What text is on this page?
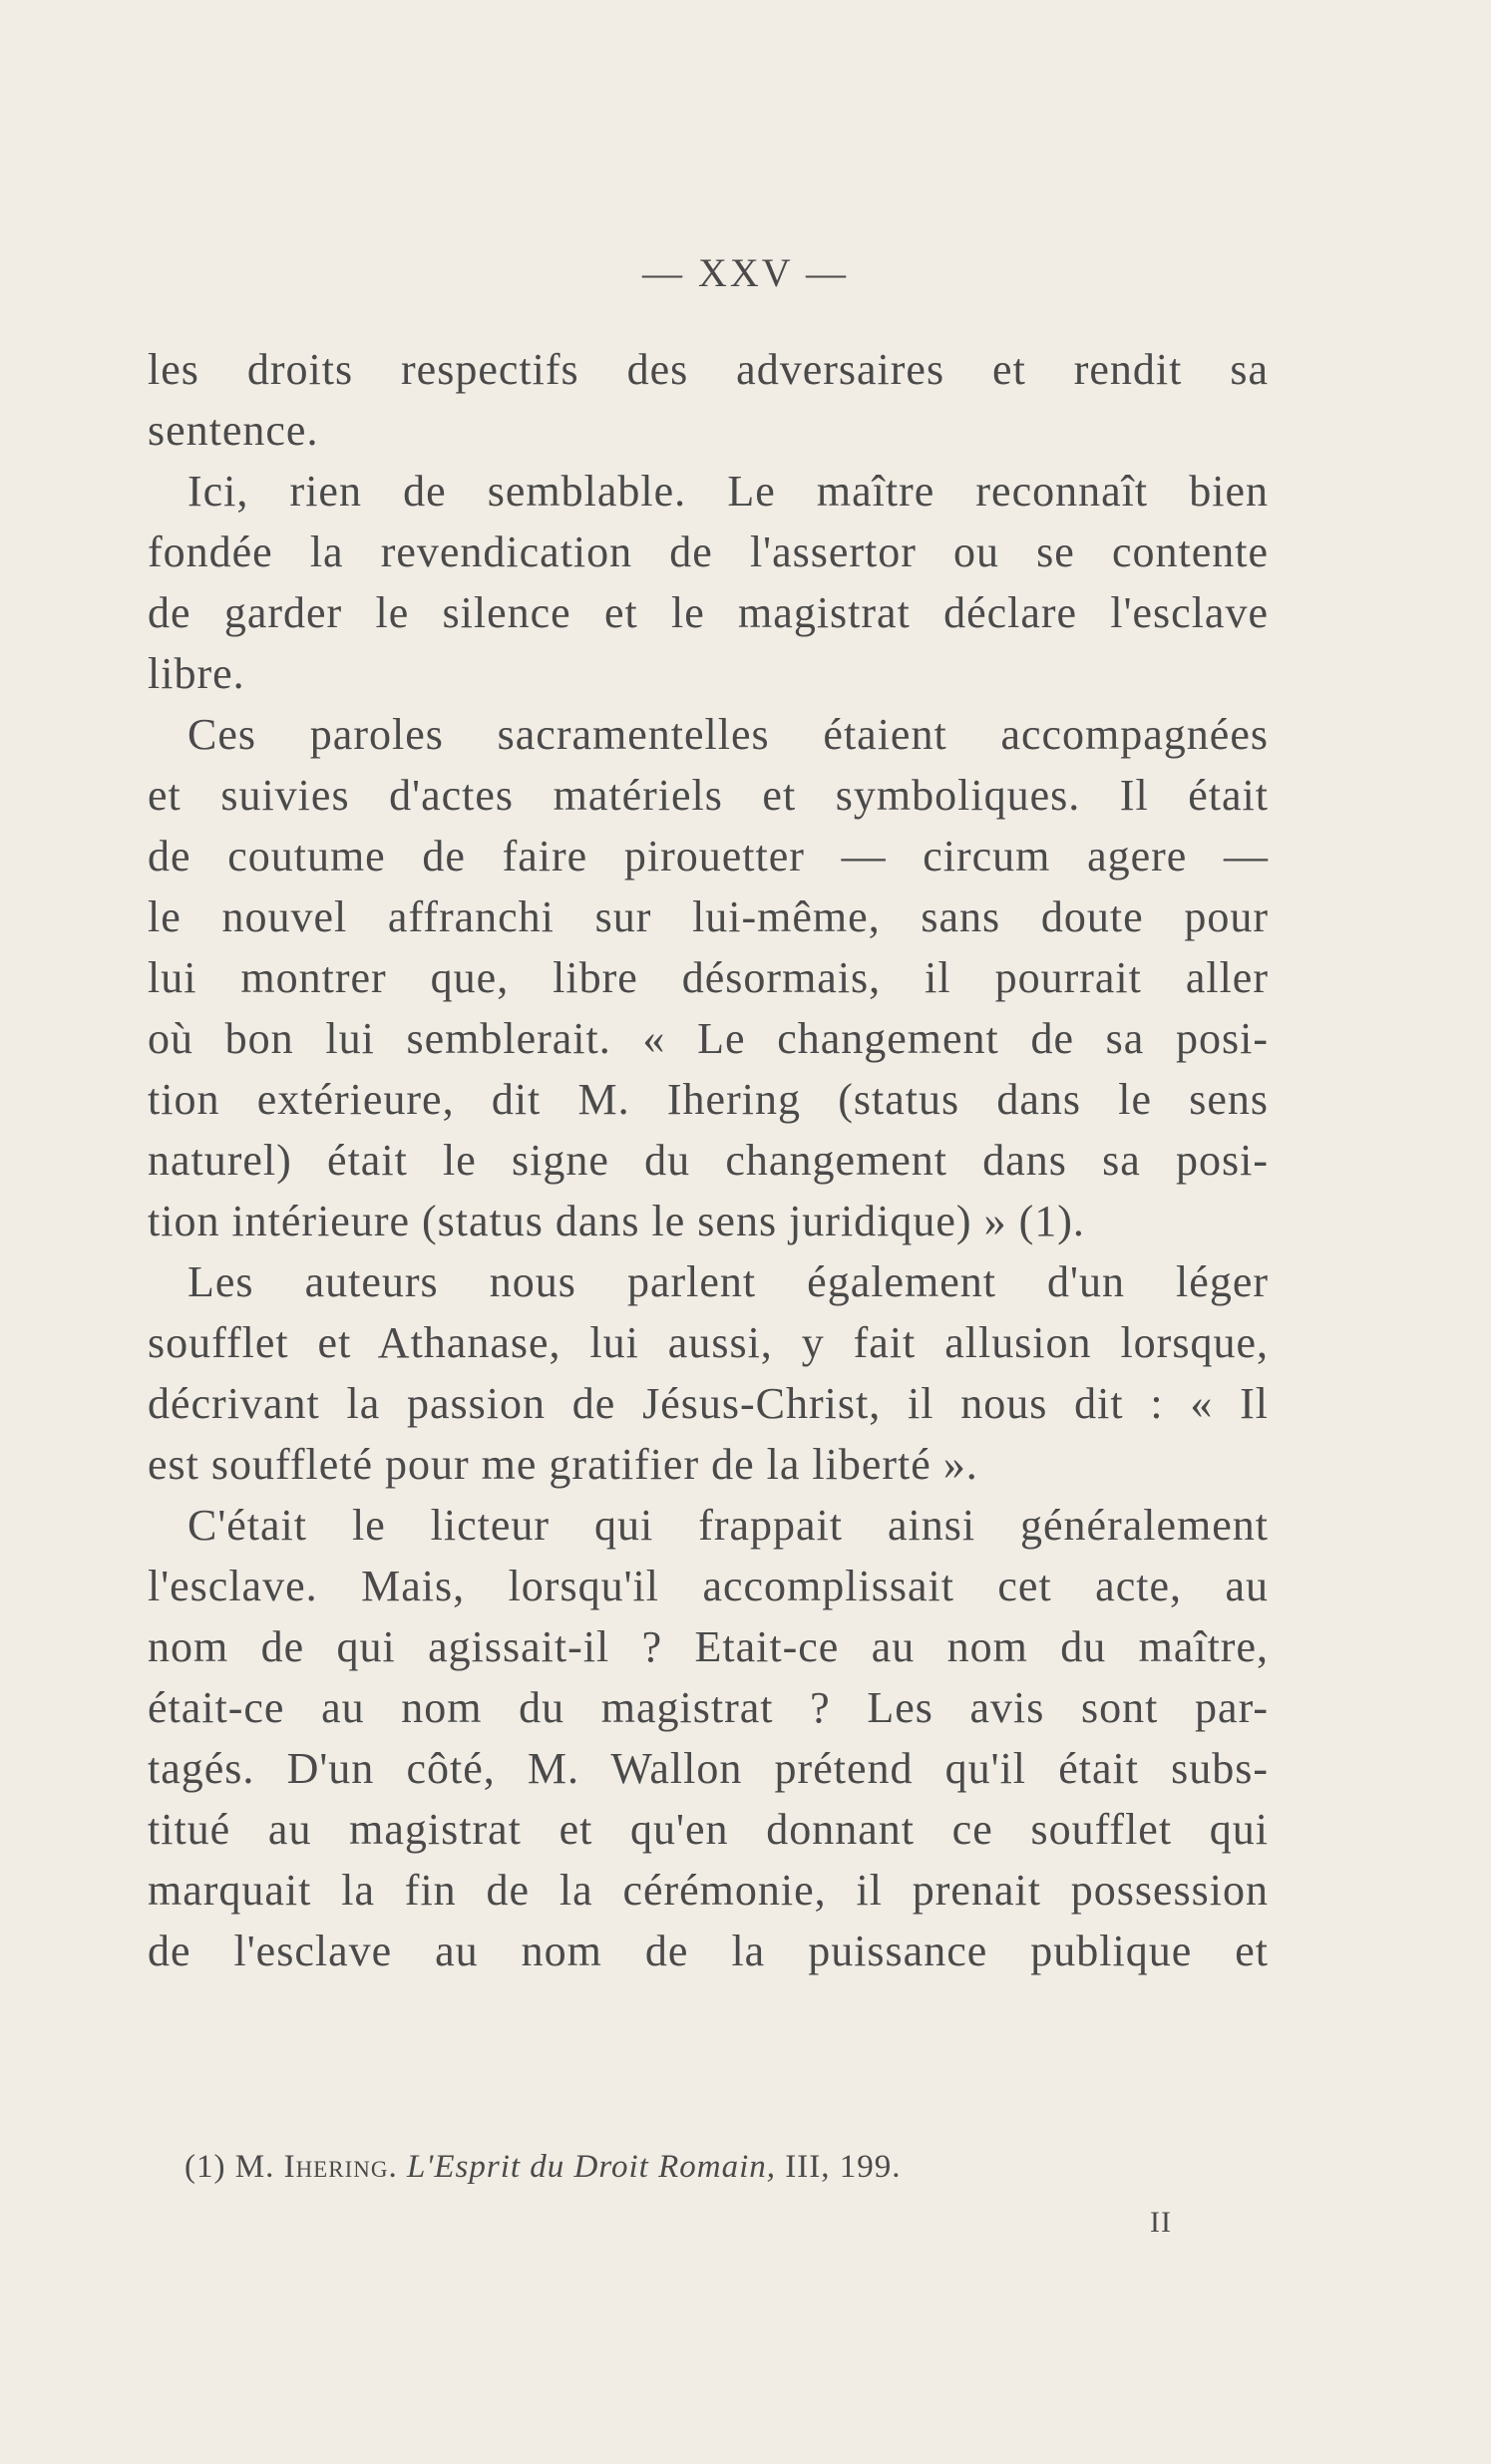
— XXV —
les droits respectifs des adversaires et rendit sa
sentence.
Ici, rien de semblable. Le maître reconnaît bien
fondée la revendication de l'assertor ou se contente
de garder le silence et le magistrat déclare l'esclave
libre.
Ces paroles sacramentelles étaient accompagnées
et suivies d'actes matériels et symboliques. Il était
de coutume de faire pirouetter — circum agere —
le nouvel affranchi sur lui-même, sans doute pour
lui montrer que, libre désormais, il pourrait aller
où bon lui semblerait. « Le changement de sa posi-
tion extérieure, dit M. Ihering (status dans le sens
naturel) était le signe du changement dans sa posi-
tion intérieure (status dans le sens juridique) » (1).
Les auteurs nous parlent également d'un léger
soufflet et Athanase, lui aussi, y fait allusion lorsque,
décrivant la passion de Jésus-Christ, il nous dit : « Il
est souffleté pour me gratifier de la liberté ».
C'était le licteur qui frappait ainsi généralement
l'esclave. Mais, lorsqu'il accomplissait cet acte, au
nom de qui agissait-il ? Etait-ce au nom du maître,
était-ce au nom du magistrat ? Les avis sont par-
tagés. D'un côté, M. Wallon prétend qu'il était subs-
titué au magistrat et qu'en donnant ce soufflet qui
marquait la fin de la cérémonie, il prenait possession
de l'esclave au nom de la puissance publique et
(1) M. Ihering. L'Esprit du Droit Romain, III, 199.
II
